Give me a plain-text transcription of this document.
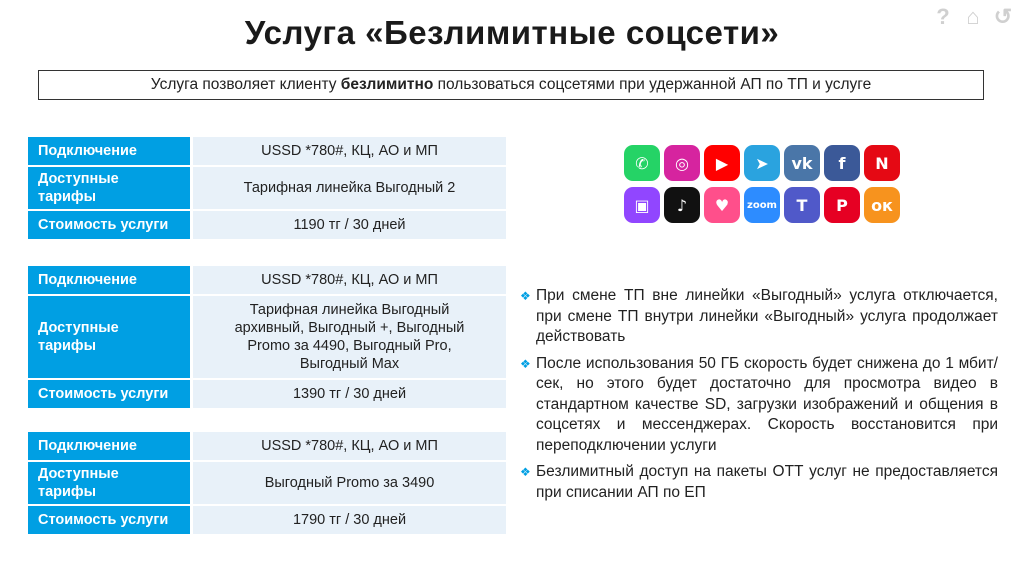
Услуга «Безлимитные соцсети»	? ⌂ ↺
Услуга позволяет клиенту безлимитно пользоваться соцсетями при удержанной АП по ТП и услуге
Подключение	USSD *780#, КЦ, АО и МП

Доступные тарифы	Тарифная линейка Выгодный 2
Стоимость услуги	1190 тг / 30 дней
Подключение	USSD *780#, КЦ, АО и МП

Доступные тарифы	Тарифная линейка Выгодный архивный, Выгодный +, Выгодный Promo за 4490, Выгодный Pro, Выгодный Max

Стоимость услуги	1390 тг / 30 дней
Подключение	USSD *780#, КЦ, АО и МП

Доступные тарифы	Выгодный Promo за 3490
Стоимость услуги	1790 тг / 30 дней
✆	◎	▶	➤	vk	f	N
▣	♪	♥	zoom	T	P	ок
❖ При смене ТП вне линейки «Выгодный» услуга отключается, при смене ТП внутри линейки «Выгодный» услуга продолжает действовать
❖ После использования 50 ГБ скорость будет снижена до 1 мбит/сек, но этого будет достаточно для просмотра видео в стандартном качестве SD, загрузки изображений и общения в соцсетях и мессенджерах. Скорость восстановится при переподключении услуги
❖ Безлимитный доступ на пакеты ОТТ услуг не предоставляется при списании АП по ЕП
